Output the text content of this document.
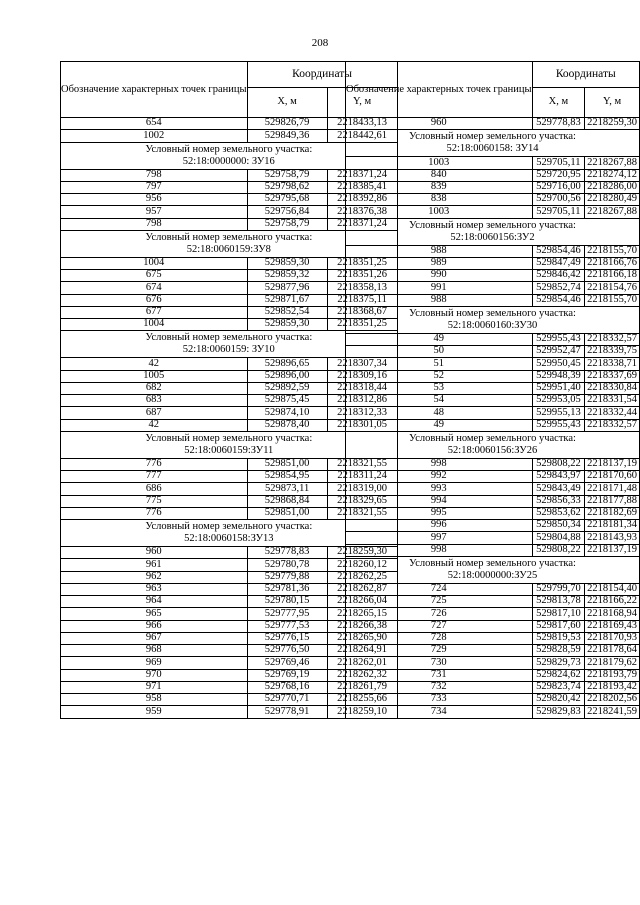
208
Обозначение характерных точек границы	Координаты	
	X, м	Y, м
654	529826,79	2218433,13
1002	529849,36	2218442,61
Условный номер земельного участка:
52:18:0000000: ЗУ16		
798	529758,79	2218371,24
797	529798,62	2218385,41
956	529795,68	2218392,86
957	529756,84	2218376,38
798	529758,79	2218371,24
Условный номер земельного участка:
52:18:0060159:ЗУ8		
1004	529859,30	2218351,25
675	529859,32	2218351,26
674	529877,96	2218358,13
676	529871,67	2218375,11
677	529852,54	2218368,67
1004	529859,30	2218351,25
Условный номер земельного участка:
52:18:0060159: ЗУ10		
42	529896,65	2218307,34
1005	529896,00	2218309,16
682	529892,59	2218318,44
683	529875,45	2218312,86
687	529874,10	2218312,33
42	529878,40	2218301,05
Условный номер земельного участка:
52:18:0060159:ЗУ11		
776	529851,00	2218321,55
777	529854,95	2218311,24
686	529873,11	2218319,00
775	529868,84	2218329,65
776	529851,00	2218321,55
Условный номер земельного участка:
52:18:0060158:ЗУ13		
960	529778,83	2218259,30
961	529780,78	2218260,12
962	529779,88	2218262,25
963	529781,36	2218262,87
964	529780,15	2218266,04
965	529777,95	2218265,15
966	529777,53	2218266,38
967	529776,15	2218265,90
968	529776,50	2218264,91
969	529769,46	2218262,01
970	529769,19	2218262,32
971	529768,16	2218261,79
958	529770,71	2218255,66
959	529778,91	2218259,10
Обозначение характерных точек границы	Координаты	
	X, м	Y, м
960	529778,83	2218259,30
Условный номер земельного участка:
52:18:0060158: ЗУ14		
1003	529705,11	2218267,88
840	529720,95	2218274,12
839	529716,00	2218286,00
838	529700,56	2218280,49
1003	529705,11	2218267,88
Условный номер земельного участка:
52:18:0060156:ЗУ2		
988	529854,46	2218155,70
989	529847,49	2218166,76
990	529846,42	2218166,18
991	529852,74	2218154,76
988	529854,46	2218155,70
Условный номер земельного участка:
52:18:0060160:ЗУ30		
49	529955,43	2218332,57
50	529952,47	2218339,75
51	529950,45	2218338,71
52	529948,39	2218337,69
53	529951,40	2218330,84
54	529953,05	2218331,54
48	529955,13	2218332,44
49	529955,43	2218332,57
Условный номер земельного участка:
52:18:0060156:ЗУ26		
998	529808,22	2218137,19
992	529843,97	2218170,60
993	529843,49	2218171,48
994	529856,33	2218177,88
995	529853,62	2218182,69
996	529850,34	2218181,34
997	529804,88	2218143,93
998	529808,22	2218137,19
Условный номер земельного участка:
52:18:0000000:ЗУ25		
724	529799,70	2218154,40
725	529813,78	2218166,22
726	529817,10	2218168,94
727	529817,60	2218169,43
728	529819,53	2218170,93
729	529828,59	2218178,64
730	529829,73	2218179,62
731	529824,62	2218193,79
732	529823,74	2218193,42
733	529820,42	2218202,56
734	529829,83	2218241,59
